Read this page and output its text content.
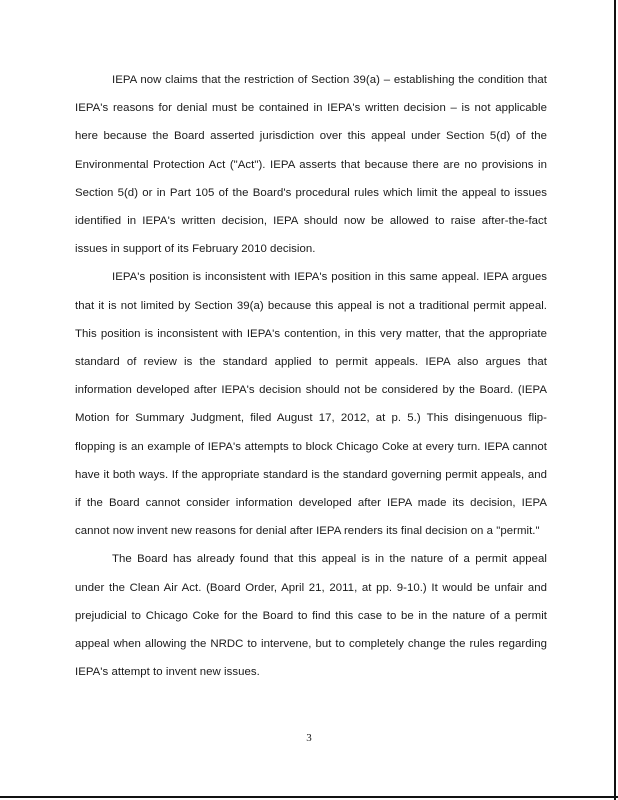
IEPA now claims that the restriction of Section 39(a) – establishing the condition that IEPA's reasons for denial must be contained in IEPA's written decision – is not applicable here because the Board asserted jurisdiction over this appeal under Section 5(d) of the Environmental Protection Act ("Act"). IEPA asserts that because there are no provisions in Section 5(d) or in Part 105 of the Board's procedural rules which limit the appeal to issues identified in IEPA's written decision, IEPA should now be allowed to raise after-the-fact issues in support of its February 2010 decision.

IEPA's position is inconsistent with IEPA's position in this same appeal. IEPA argues that it is not limited by Section 39(a) because this appeal is not a traditional permit appeal. This position is inconsistent with IEPA's contention, in this very matter, that the appropriate standard of review is the standard applied to permit appeals. IEPA also argues that information developed after IEPA's decision should not be considered by the Board. (IEPA Motion for Summary Judgment, filed August 17, 2012, at p. 5.) This disingenuous flip-flopping is an example of IEPA's attempts to block Chicago Coke at every turn. IEPA cannot have it both ways. If the appropriate standard is the standard governing permit appeals, and if the Board cannot consider information developed after IEPA made its decision, IEPA cannot now invent new reasons for denial after IEPA renders its final decision on a "permit."

The Board has already found that this appeal is in the nature of a permit appeal under the Clean Air Act. (Board Order, April 21, 2011, at pp. 9-10.) It would be unfair and prejudicial to Chicago Coke for the Board to find this case to be in the nature of a permit appeal when allowing the NRDC to intervene, but to completely change the rules regarding IEPA's attempt to invent new issues.

3
